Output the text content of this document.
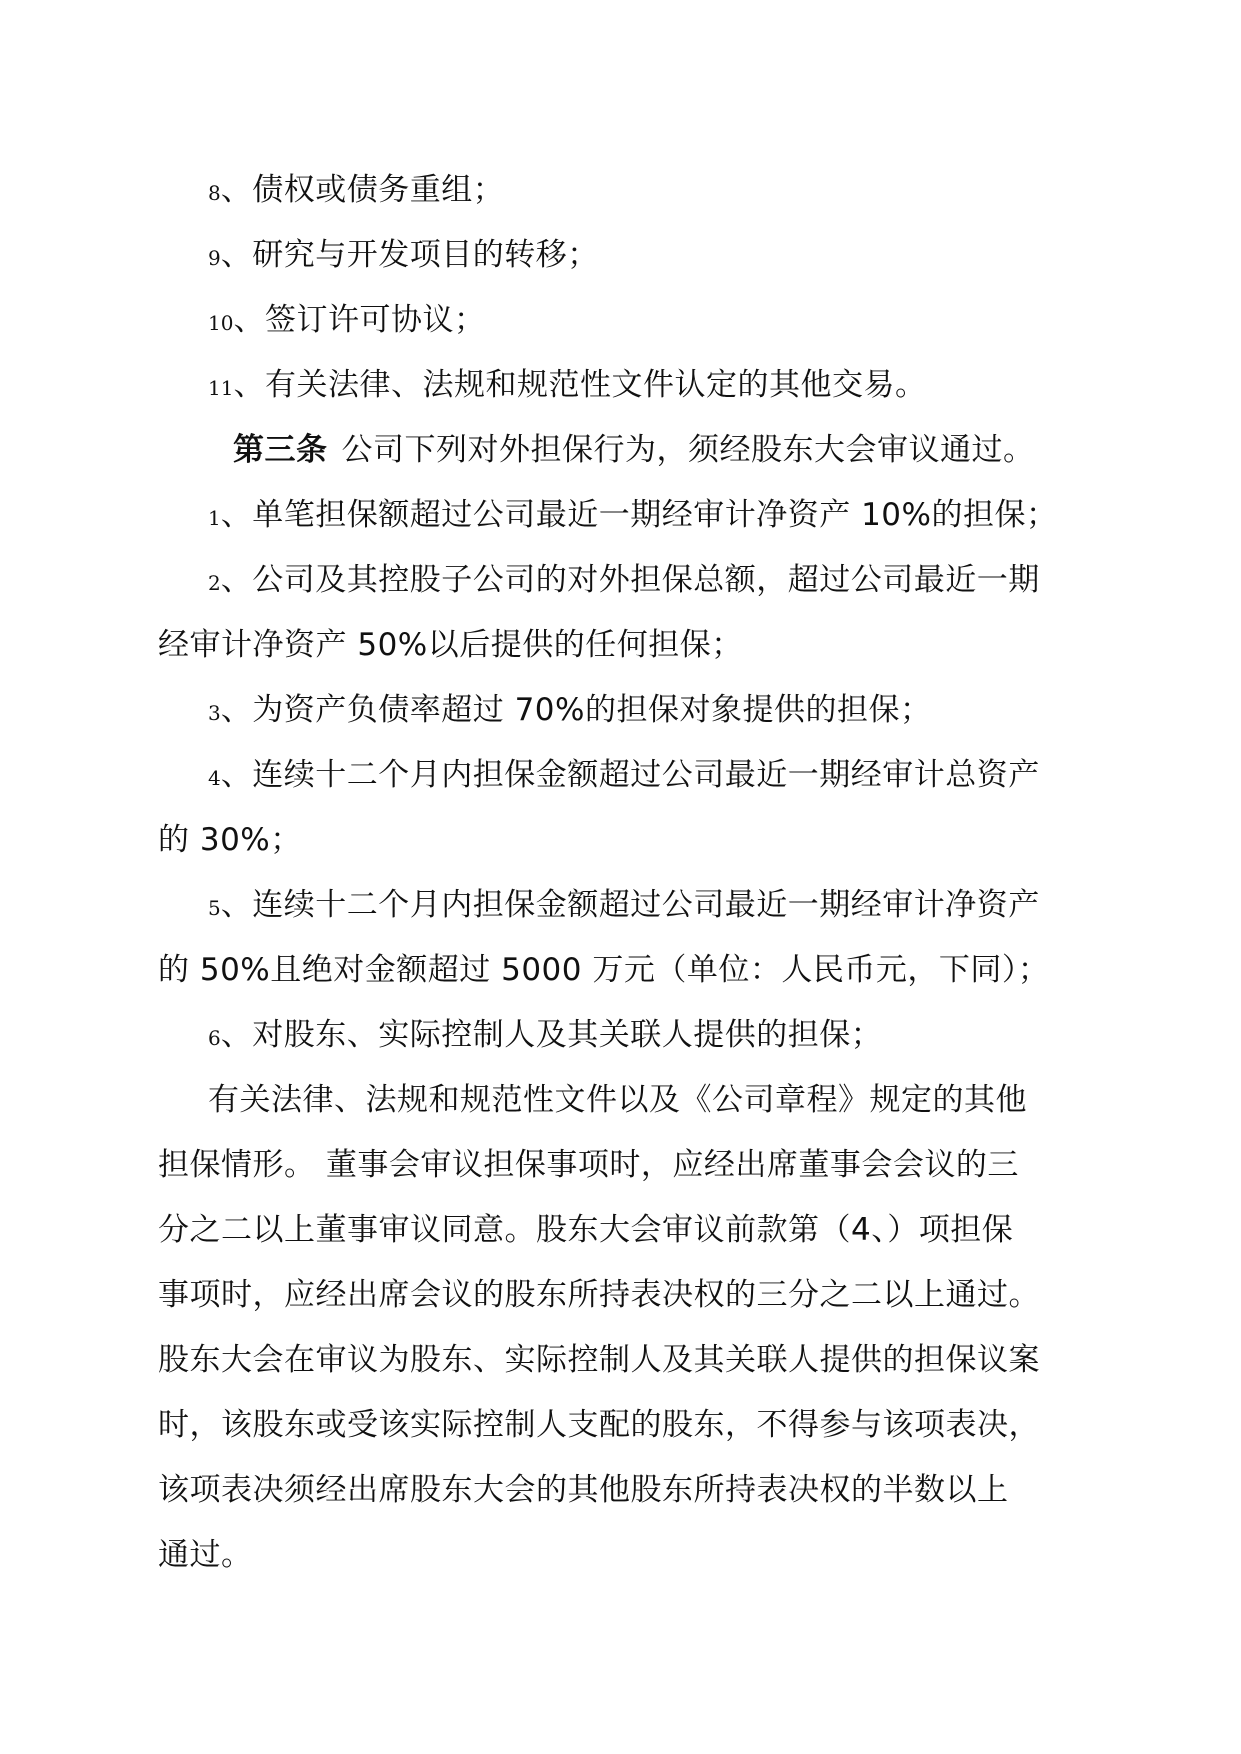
8、债权或债务重组；
9、研究与开发项目的转移；
10、签订许可协议；
11、有关法律、法规和规范性文件认定的其他交易。
第三条 公司下列对外担保行为，须经股东大会审议通过。
1、单笔担保额超过公司最近一期经审计净资产 10%的担保；
2、公司及其控股子公司的对外担保总额，超过公司最近一期
经审计净资产 50%以后提供的任何担保；
3、为资产负债率超过 70%的担保对象提供的担保；
4、连续十二个月内担保金额超过公司最近一期经审计总资产
的 30%；
5、连续十二个月内担保金额超过公司最近一期经审计净资产
的 50%且绝对金额超过 5000 万元（单位：人民币元，下同）；
6、对股东、实际控制人及其关联人提供的担保；
有关法律、法规和规范性文件以及《公司章程》规定的其他
担保情形。 董事会审议担保事项时，应经出席董事会会议的三
分之二以上董事审议同意。股东大会审议前款第（4、）项担保
事项时，应经出席会议的股东所持表决权的三分之二以上通过。
股东大会在审议为股东、实际控制人及其关联人提供的担保议案
时，该股东或受该实际控制人支配的股东，不得参与该项表决，
该项表决须经出席股东大会的其他股东所持表决权的半数以上
通过。
